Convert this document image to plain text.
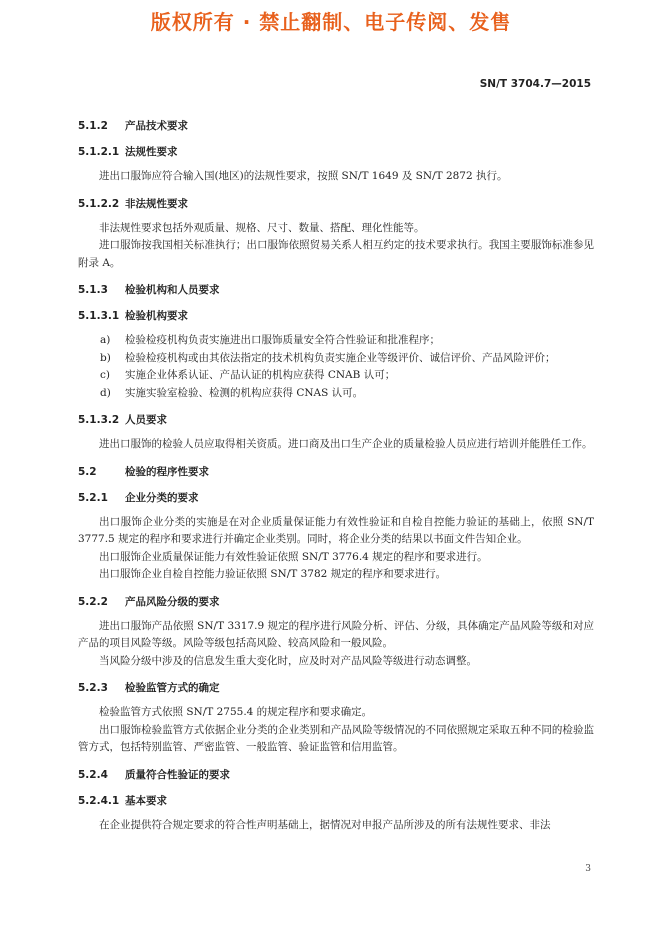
版权所有 · 禁止翻制、电子传阅、发售
SN/T 3704.7—2015
5.1.2	产品技术要求
5.1.2.1 法规性要求

进出口服饰应符合输入国(地区)的法规性要求，按照 SN/T 1649 及 SN/T 2872 执行。

5.1.2.2 非法规性要求

非法规性要求包括外观质量、规格、尺寸、数量、搭配、理化性能等。

进口服饰按我国相关标准执行；出口服饰依照贸易关系人相互约定的技术要求执行。我国主要服饰标准参见附录 A。

5.1.3	检验机构和人员要求
5.1.3.1 检验机构要求
a)	检验检疫机构负责实施进出口服饰质量安全符合性验证和批准程序；
b)	检验检疫机构或由其依法指定的技术机构负责实施企业等级评价、诚信评价、产品风险评价；
c)	实施企业体系认证、产品认证的机构应获得 CNAB 认可；
d)	实施实验室检验、检测的机构应获得 CNAS 认可。
5.1.3.2 人员要求

进出口服饰的检验人员应取得相关资质。进口商及出口生产企业的质量检验人员应进行培训并能胜任工作。

5.2	检验的程序性要求
5.2.1	企业分类的要求

出口服饰企业分类的实施是在对企业质量保证能力有效性验证和自检自控能力验证的基础上，依照 SN/T 3777.5 规定的程序和要求进行并确定企业类别。同时，将企业分类的结果以书面文件告知企业。

出口服饰企业质量保证能力有效性验证依照 SN/T 3776.4 规定的程序和要求进行。

出口服饰企业自检自控能力验证依照 SN/T 3782 规定的程序和要求进行。

5.2.2	产品风险分级的要求

进出口服饰产品依照 SN/T 3317.9 规定的程序进行风险分析、评估、分级，具体确定产品风险等级和对应产品的项目风险等级。风险等级包括高风险、较高风险和一般风险。

当风险分级中涉及的信息发生重大变化时，应及时对产品风险等级进行动态调整。

5.2.3	检验监管方式的确定

检验监管方式依照 SN/T 2755.4 的规定程序和要求确定。

出口服饰检验监管方式依据企业分类的企业类别和产品风险等级情况的不同依照规定采取五种不同的检验监管方式，包括特别监管、严密监管、一般监管、验证监管和信用监管。

5.2.4	质量符合性验证的要求
5.2.4.1 基本要求

在企业提供符合规定要求的符合性声明基础上，据情况对申报产品所涉及的所有法规性要求、非法

3
